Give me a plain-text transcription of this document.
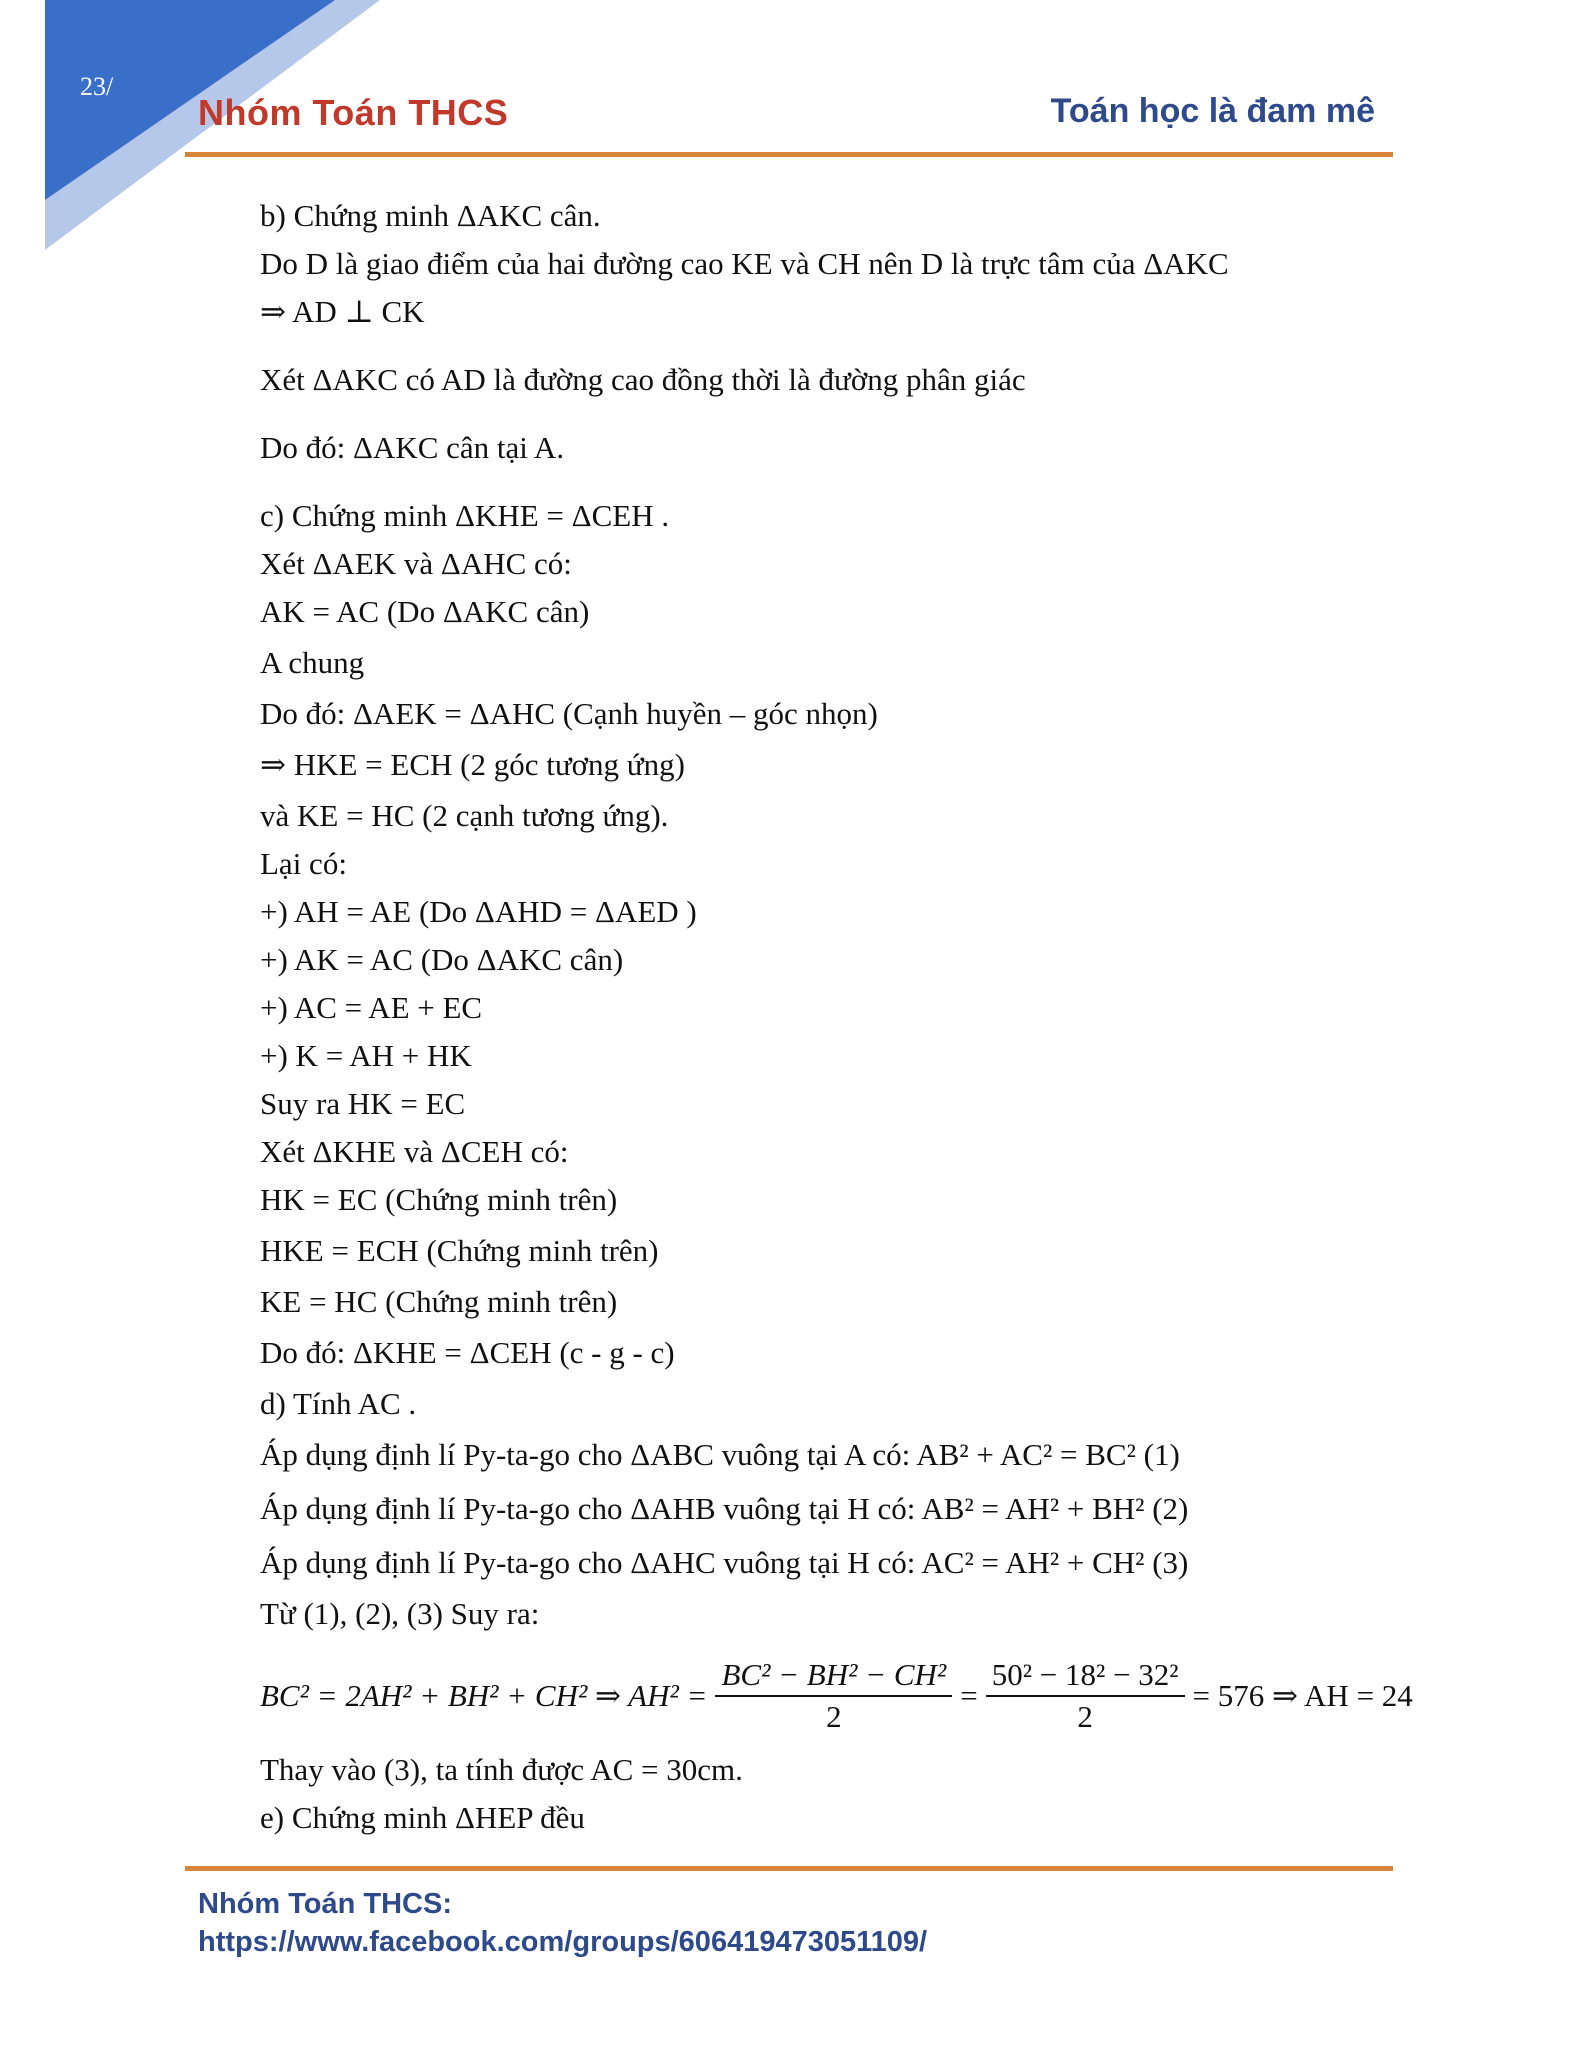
23/
Nhóm Toán THCS	Toán học là đam mê
b) Chứng minh ΔAKC cân.
Do D là giao điểm của hai đường cao KE và CH nên D là trực tâm của ΔAKC
⇒ AD ⊥ CK
Xét ΔAKC có AD là đường cao đồng thời là đường phân giác
Do đó: ΔAKC cân tại A.
c) Chứng minh ΔKHE = ΔCEH .
Xét ΔAEK và ΔAHC có:
AK = AC (Do ΔAKC cân)
A chung
Do đó: ΔAEK = ΔAHC (Cạnh huyền – góc nhọn)
⇒ HKE = ECH (2 góc tương ứng)
và KE = HC (2 cạnh tương ứng).
Lại có:
+) AH = AE (Do ΔAHD = ΔAED )
+) AK = AC (Do ΔAKC cân)
+) AC = AE + EC
+) K = AH + HK
Suy ra HK = EC
Xét ΔKHE và ΔCEH có:
HK = EC (Chứng minh trên)
HKE = ECH (Chứng minh trên)
KE = HC (Chứng minh trên)
Do đó: ΔKHE = ΔCEH (c - g - c)
d) Tính AC .
Áp dụng định lí Py-ta-go cho ΔABC vuông tại A có: AB² + AC² = BC² (1)
Áp dụng định lí Py-ta-go cho ΔAHB vuông tại H có: AB² = AH² + BH² (2)
Áp dụng định lí Py-ta-go cho ΔAHC vuông tại H có: AC² = AH² + CH² (3)
Từ (1), (2), (3) Suy ra:
BC² = 2AH² + BH² + CH² ⇒ $AH^2 = \frac{\text{BC² − BH² − CH²}}{2} = \frac{\text{50² − 18² − 32²}}{2} = 576$ ⇒ AH = 24
Thay vào (3), ta tính được AC = 30cm.
e) Chứng minh ΔHEP đều
Nhóm Toán THCS:
https://www.facebook.com/groups/606419473051109/
